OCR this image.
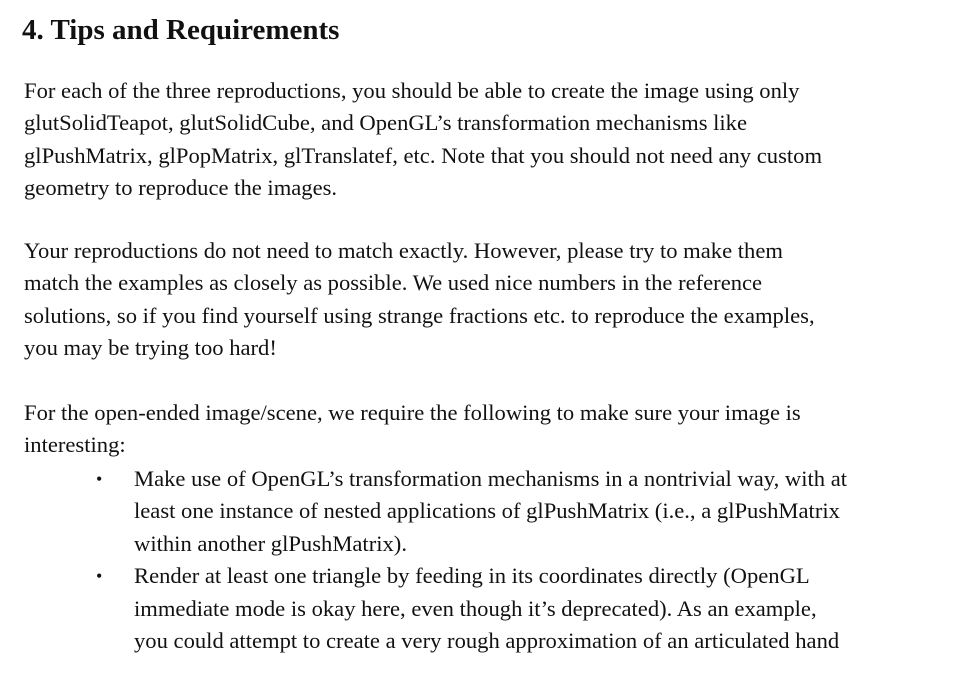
4. Tips and Requirements

For each of the three reproductions, you should be able to create the image using only
glutSolidTeapot, glutSolidCube, and OpenGL’s transformation mechanisms like
glPushMatrix, glPopMatrix, glTranslatef, etc. Note that you should not need any custom
geometry to reproduce the images.

Your reproductions do not need to match exactly. However, please try to make them
match the examples as closely as possible. We used nice numbers in the reference
solutions, so if you find yourself using strange fractions etc. to reproduce the examples,
you may be trying too hard!

For the open-ended image/scene, we require the following to make sure your image is
interesting:

• Make use of OpenGL’s transformation mechanisms in a nontrivial way, with at
least one instance of nested applications of glPushMatrix (i.e., a glPushMatrix
within another glPushMatrix).
• Render at least one triangle by feeding in its coordinates directly (OpenGL
immediate mode is okay here, even though it’s deprecated). As an example,
you could attempt to create a very rough approximation of an articulated hand
